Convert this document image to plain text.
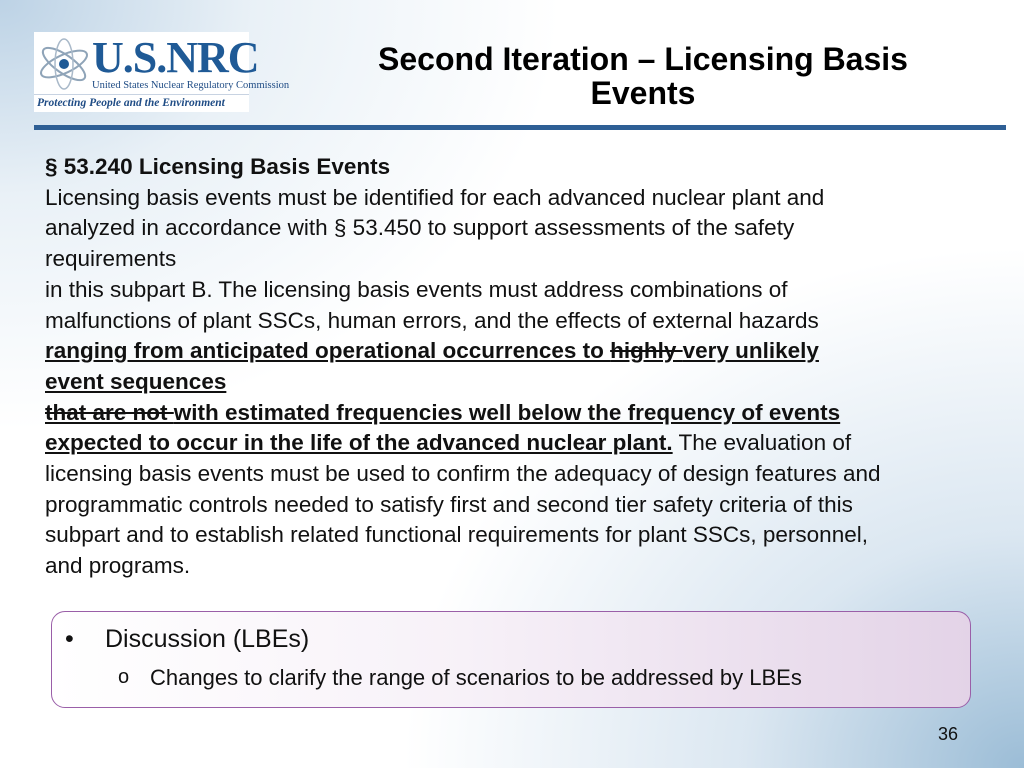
U.S.NRC
United States Nuclear Regulatory Commission
Protecting People and the Environment
Second Iteration – Licensing Basis
Events
§ 53.240 Licensing Basis Events
Licensing basis events must be identified for each advanced nuclear plant and
analyzed in accordance with § 53.450 to support assessments of the safety
requirements
in this subpart B. The licensing basis events must address combinations of
malfunctions of plant SSCs, human errors, and the effects of external hazards
ranging from anticipated operational occurrences to highly very unlikely
event sequences
that are not with estimated frequencies well below the frequency of events
expected to occur in the life of the advanced nuclear plant. The evaluation of
licensing basis events must be used to confirm the adequacy of design features and
programmatic controls needed to satisfy first and second tier safety criteria of this
subpart and to establish related functional requirements for plant SSCs, personnel,
and programs.
• Discussion (LBEs)
o Changes to clarify the range of scenarios to be addressed by LBEs
36
